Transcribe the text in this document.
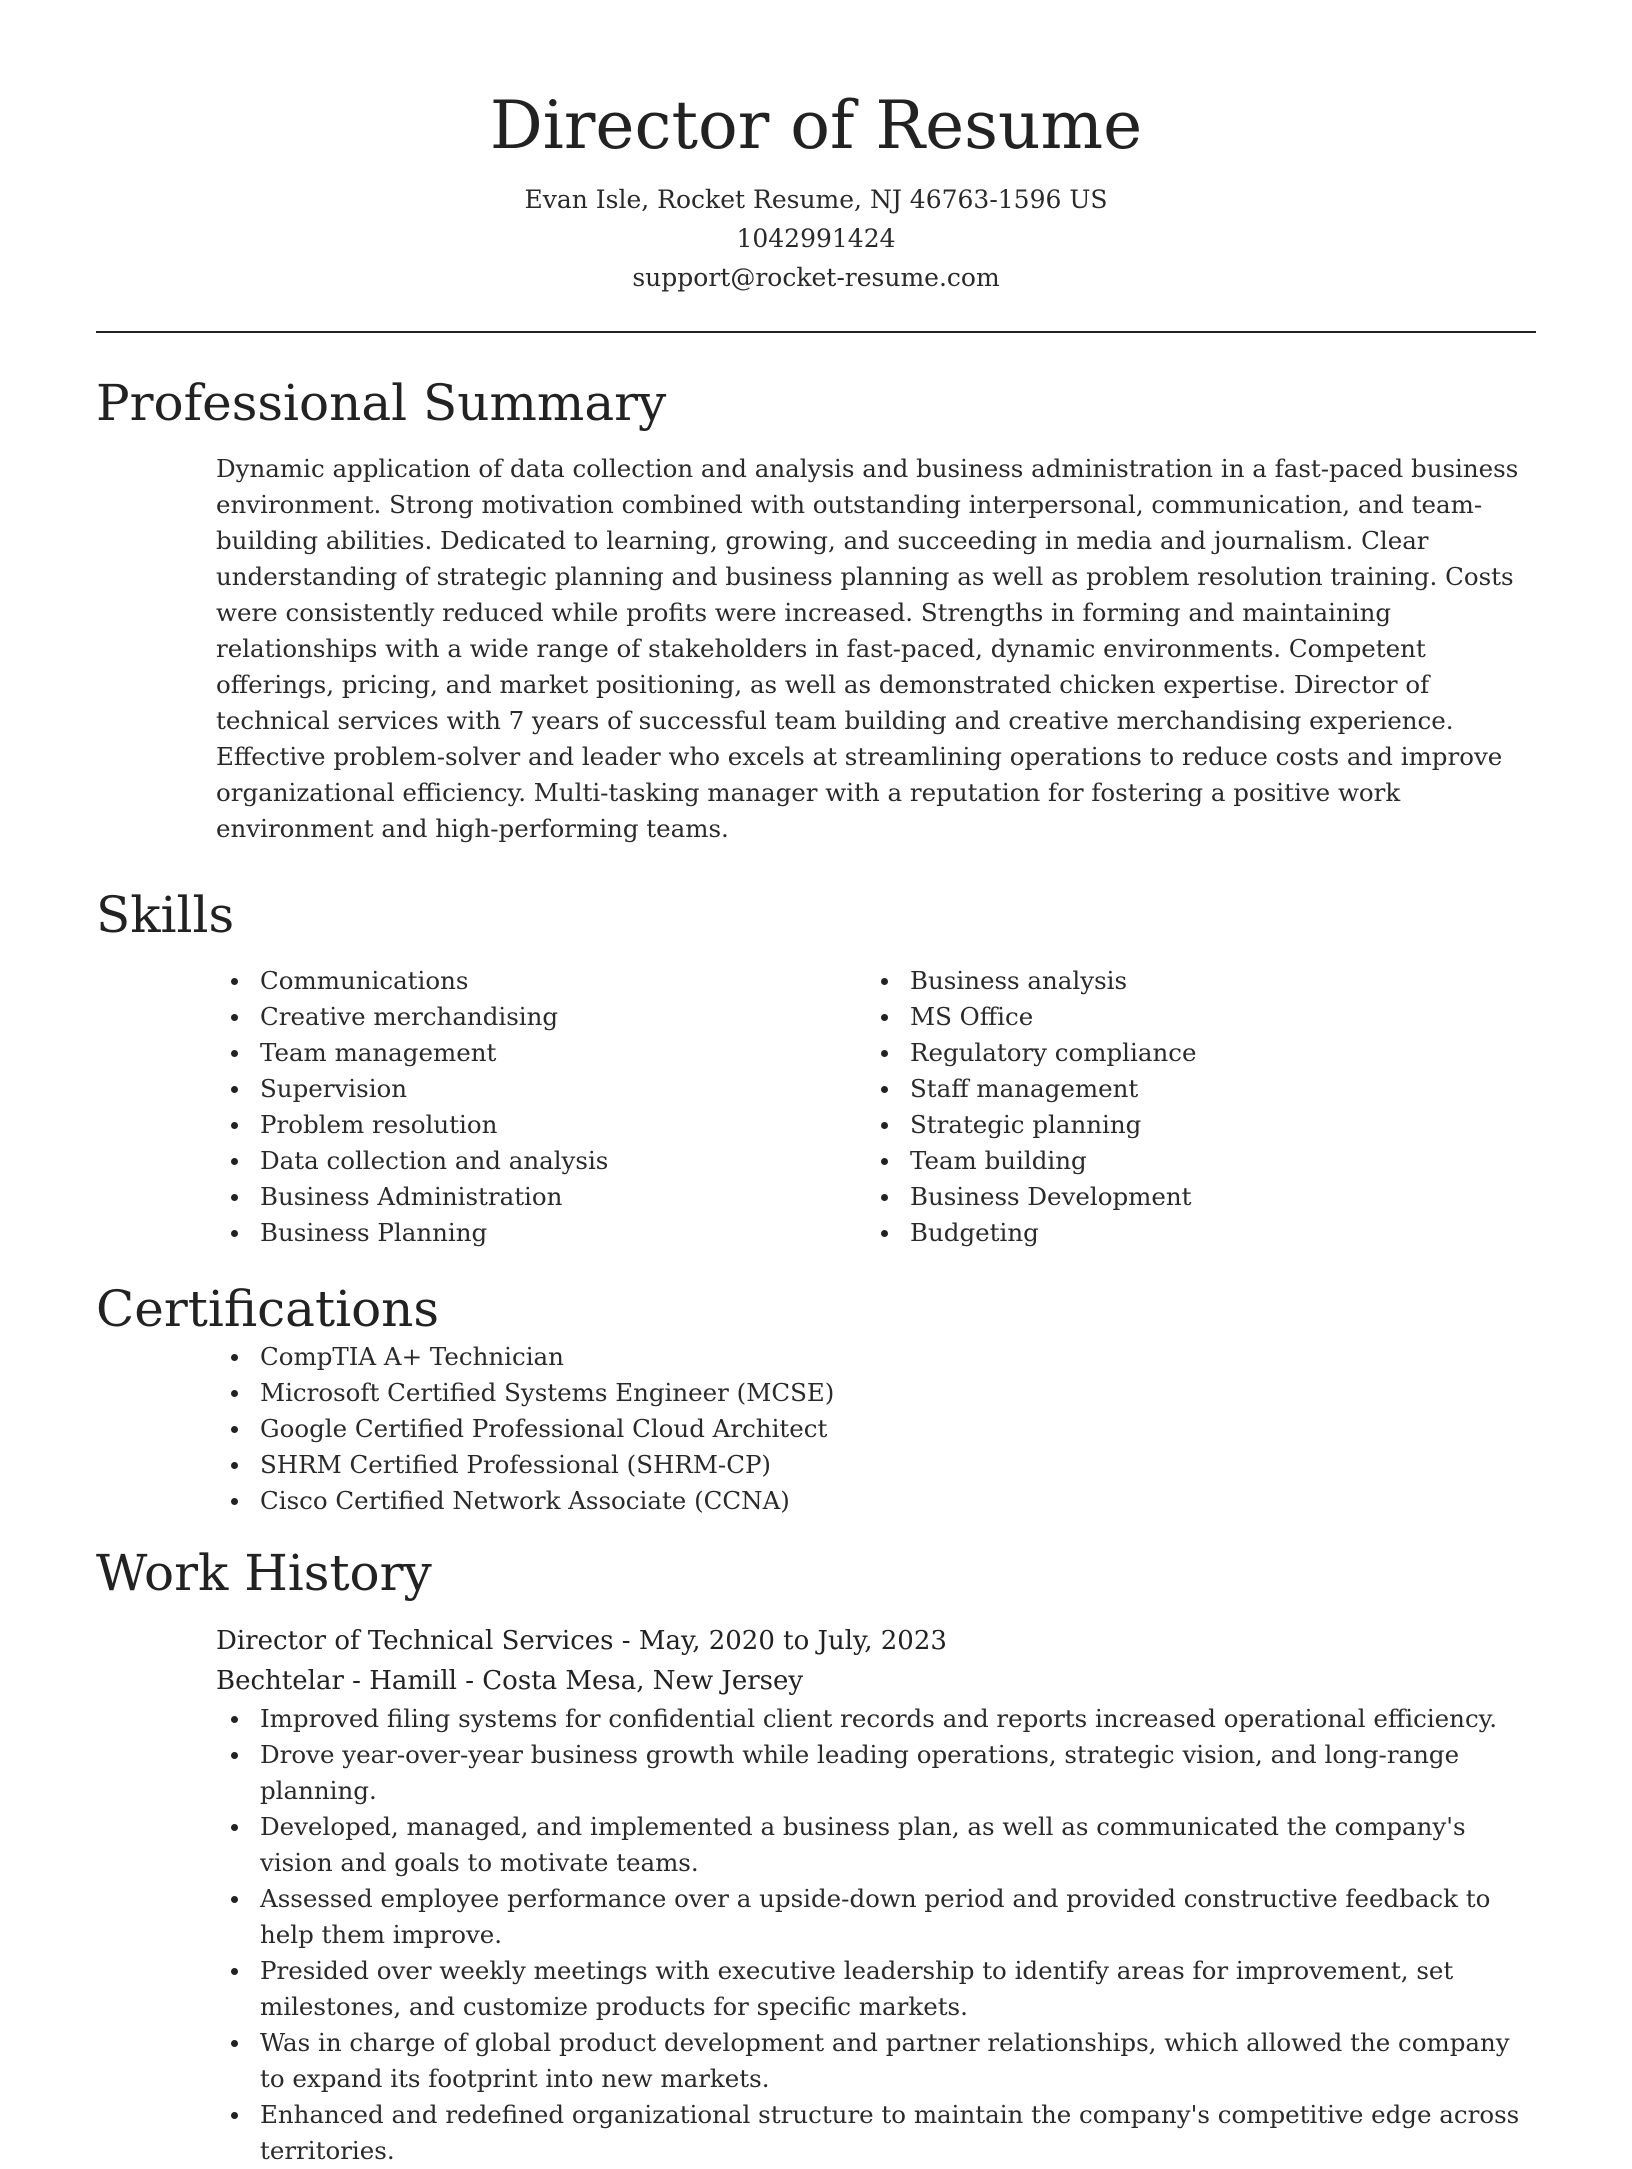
Director of Resume
Evan Isle, Rocket Resume, NJ 46763-1596 US
1042991424
support@rocket-resume.com
Professional Summary

Dynamic application of data collection and analysis and business administration in a fast-paced business environment. Strong motivation combined with outstanding interpersonal, communication, and team-building abilities. Dedicated to learning, growing, and succeeding in media and journalism. Clear understanding of strategic planning and business planning as well as problem resolution training. Costs were consistently reduced while profits were increased. Strengths in forming and maintaining relationships with a wide range of stakeholders in fast-paced, dynamic environments. Competent offerings, pricing, and market positioning, as well as demonstrated chicken expertise. Director of technical services with 7 years of successful team building and creative merchandising experience. Effective problem-solver and leader who excels at streamlining operations to reduce costs and improve organizational efficiency. Multi-tasking manager with a reputation for fostering a positive work environment and high-performing teams.

Skills
Communications
Creative merchandising
Team management
Supervision
Problem resolution
Data collection and analysis
Business Administration
Business Planning
Business analysis
MS Office
Regulatory compliance
Staff management
Strategic planning
Team building
Business Development
Budgeting
Certifications
CompTIA A+ Technician
Microsoft Certified Systems Engineer (MCSE)
Google Certified Professional Cloud Architect
SHRM Certified Professional (SHRM-CP)
Cisco Certified Network Associate (CCNA)
Work History
Director of Technical Services - May, 2020 to July, 2023
Bechtelar - Hamill - Costa Mesa, New Jersey
Improved filing systems for confidential client records and reports increased operational efficiency.
Drove year-over-year business growth while leading operations, strategic vision, and long-range planning.
Developed, managed, and implemented a business plan, as well as communicated the company's vision and goals to motivate teams.
Assessed employee performance over a upside-down period and provided constructive feedback to help them improve.
Presided over weekly meetings with executive leadership to identify areas for improvement, set milestones, and customize products for specific markets.
Was in charge of global product development and partner relationships, which allowed the company to expand its footprint into new markets.
Enhanced and redefined organizational structure to maintain the company's competitive edge across territories.
